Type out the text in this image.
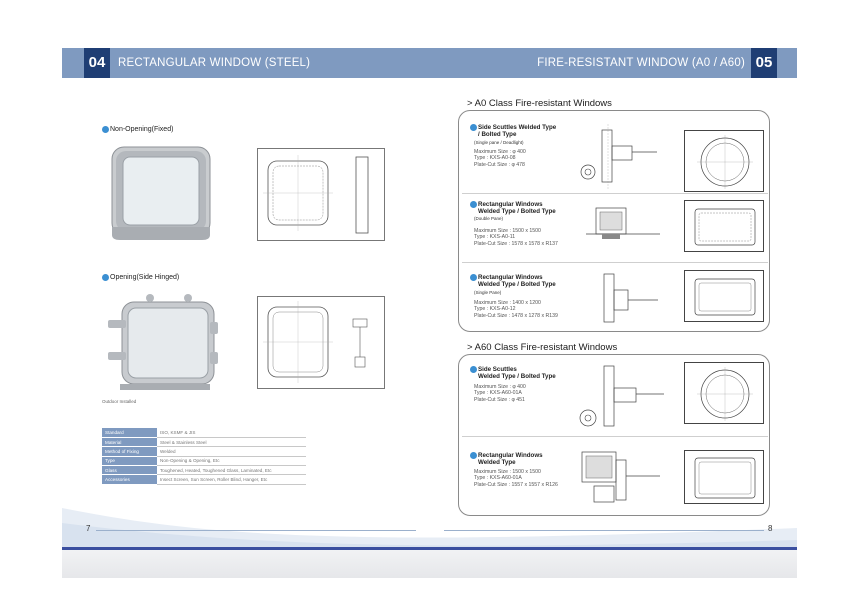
04	RECTANGULAR WINDOW (STEEL)	FIRE-RESISTANT WINDOW (A0 / A60) 05
Non-Opening(Fixed)
Opening(Side Hinged)
Outdoor Installed
Standard	ISO, KSMF & JIS
Material	Steel & Stainless Steel
Method of Fixing	Welded
Type	Non-Opening & Opening, Etc
Glass	Toughened, Heated, Toughened Glass, Laminated, Etc
Accessories	Insect Screen, Sun Screen, Roller Blind, Hanger, Etc
> A0 Class Fire-resistant Windows
Side Scuttles Welded Type
/ Bolted Type
(Single pane / Deadlight)
Maximum Size : φ 400
Type : KXS-A0-08
Plate-Cut Size : φ 478
Rectangular Windows
Welded Type / Bolted Type
(Double Pane)
Maximum Size : 1500 x 1500
Type : KXS-A0-11
Plate-Cut Size : 1578 x 1578 x R137
Rectangular Windows
Welded Type / Bolted Type
(Single Pane)
Maximum Size : 1400 x 1200
Type : KXS-A0-12
Plate-Cut Size : 1478 x 1278 x R139
> A60 Class Fire-resistant Windows
Side Scuttles
Welded Type / Bolted Type
Maximum Size : φ 400
Type : KXS-A60-01A
Plate-Cut Size : φ 451
Rectangular Windows
Welded Type
Maximum Size : 1500 x 1500
Type : KXS-A60-01A
Plate-Cut Size : 1557 x 1557 x R126
7	8
